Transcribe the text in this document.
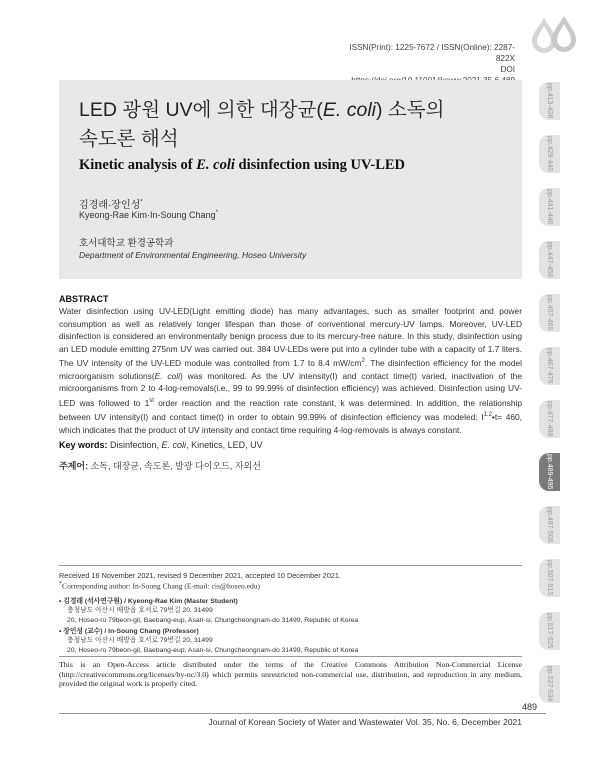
ISSN(Print): 1225-7672 / ISSN(Online): 2287-822X
DOI
pp.413-428
pp.429-440
pp.441-446
pp.447-456
pp.457-465
pp.467-475
pp.477-488
pp.489-495
pp.497-505
pp.507-515
pp.517-525
pp.527-534
LED 광원 UV에 의한 대장균(E. coli) 소독의
속도론 해석
Kinetic analysis of E. coli disinfection using UV-LED
김경래·장인성*
Kyeong-Rae Kim·In-Soung Chang*
호서대학교 환경공학과
Department of Environmental Engineering, Hoseo University
ABSTRACT
Water disinfection using UV-LED(Light emitting diode) has many advantages, such as smaller footprint and power consumption as well as relatively longer lifespan than those of conventional mercury-UV lamps. Moreover, UV-LED disinfection is considered an environmentally benign process due to its mercury-free nature. In this study, disinfection using an LED module emitting 275nm UV was carried out. 384 UV-LEDs were put into a cylinder tube with a capacity of 1.7 liters. The UV intensity of the UV-LED module was controlled from 1.7 to 8.4 $mW/cm^2$. The disinfection efficiency for the model microorganism solutions(E. coli) was monitored. As the UV intensity(I) and contact time(t) varied, inactivation of the microorganisms from 2 to 4-log-removals(i.e., 99 to 99.99% of disinfection efficiency) was achieved. Disinfection using UV-LED was followed to 1st order reaction and the reaction rate constant, k was determined. In addition, the relationship between UV intensity(I) and contact time(t) in order to obtain 99.99% of disinfection efficiency was modeled: $I^{1.2}•t= 460$, which indicates that the product of UV intensity and contact time requiring 4-log-removals is always constant.
Key words: Disinfection, E. coli, Kinetics, LED, UV
주제어: 소독, 대장균, 속도론, 발광 다이오드, 자외선
Received 16 November 2021, revised 9 December 2021, accepted 10 December 2021.
*Corresponding author: In-Soung Chang (E-mail: cis@hoseo.edu)
• 김경래 (석사연구원) / Kyeong-Rae Kim (Master Student)
충청남도 아산시 배방읍 호서로 79번길 20, 31499
20, Hoseo-ro 79beon-gil, Baebang-eup, Asan-si, Chungcheongnam-do 31499, Republic of Korea
• 장인성 (교수) / In-Soung Chang (Professor)
충청남도 아산시 배방읍 호서로 79번길 20, 31499
20, Hoseo-ro 79beon-gil, Baebang-eup, Asan-si, Chungcheongnam-do 31499, Republic of Korea
This is an Open-Access article distributed under the terms of the Creative Commons Attribution Non-Commercial License (http://creativecommons.org/licenses/by-nc/3.0) which permits unrestricted non-commercial use, distribution, and reproduction in any medium, provided the original work is properly cited.
489
Journal of Korean Society of Water and Wastewater Vol. 35, No. 6, December 2021
